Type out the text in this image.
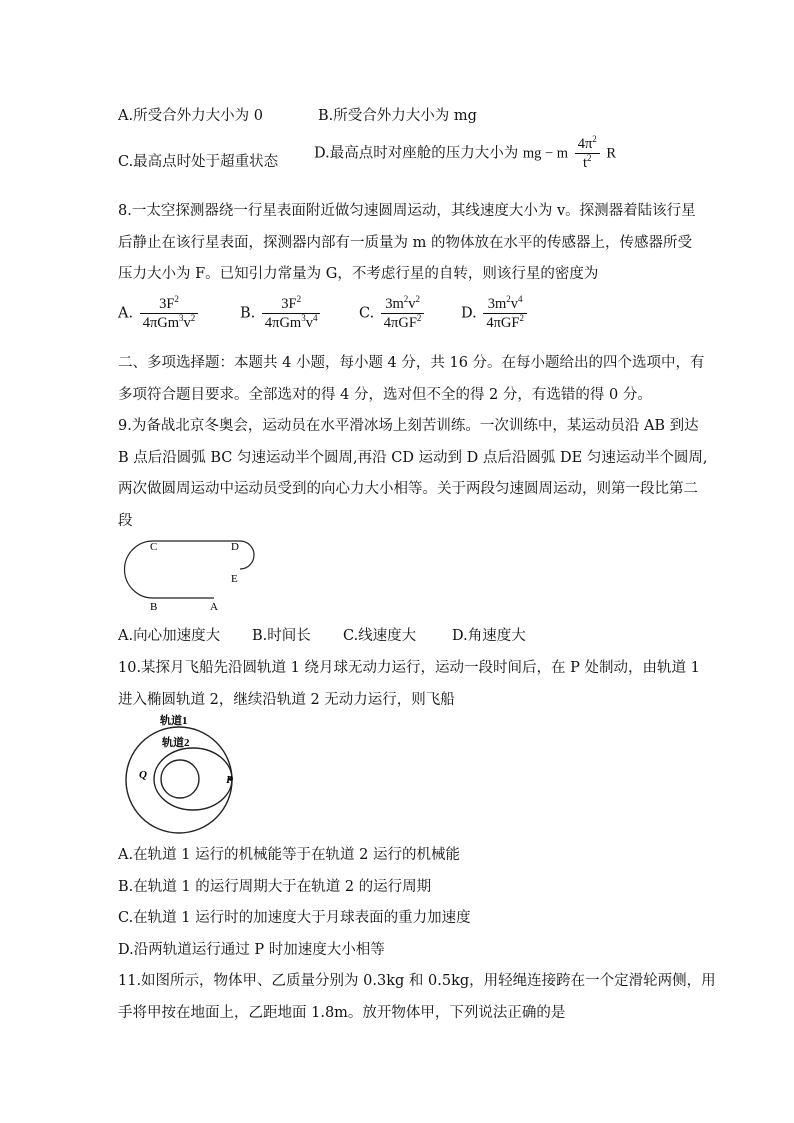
A.所受合外力大小为 0	B.所受合外力大小为 mg
C.最高点时处于超重状态
D.最高点时对座舱的压力大小为 mg − m $\frac{4\pi^2}{t^2}$ R
8.一太空探测器绕一行星表面附近做匀速圆周运动，其线速度大小为 v。探测器着陆该行星
后静止在该行星表面，探测器内部有一质量为 m 的物体放在水平的传感器上，传感器所受
压力大小为 F。已知引力常量为 G，不考虑行星的自转，则该行星的密度为
A. $\frac{3F^2}{4\pi Gm^3v^2}$	B. $\frac{3F^2}{4\pi Gm^3v^4}$	C. $\frac{3m^2v^2}{4\pi GF^2}$	D. $\frac{3m^2v^4}{4\pi GF^2}$
二、多项选择题：本题共 4 小题，每小题 4 分，共 16 分。在每小题给出的四个选项中，有
多项符合题目要求。全部选对的得 4 分，选对但不全的得 2 分，有选错的得 0 分。
9.为备战北京冬奥会，运动员在水平滑冰场上刻苦训练。一次训练中，某运动员沿 AB 到达
B 点后沿圆弧 BC 匀速运动半个圆周,再沿 CD 运动到 D 点后沿圆弧 DE 匀速运动半个圆周,
两次做圆周运动中运动员受到的向心力大小相等。关于两段匀速圆周运动，则第一段比第二
段
C	D
E
B	A
A.向心加速度大 B.时间长 C.线速度大 D.角速度大
10.某探月飞船先沿圆轨道 1 绕月球无动力运行，运动一段时间后，在 P 处制动，由轨道 1
进入椭圆轨道 2，继续沿轨道 2 无动力运行，则飞船
轨道1
轨道2
Q	P
A.在轨道 1 运行的机械能等于在轨道 2 运行的机械能
B.在轨道 1 的运行周期大于在轨道 2 的运行周期
C.在轨道 1 运行时的加速度大于月球表面的重力加速度
D.沿两轨道运行通过 P 时加速度大小相等
11.如图所示，物体甲、乙质量分别为 0.3kg 和 0.5kg，用轻绳连接跨在一个定滑轮两侧，用
手将甲按在地面上，乙距地面 1.8m。放开物体甲，下列说法正确的是
